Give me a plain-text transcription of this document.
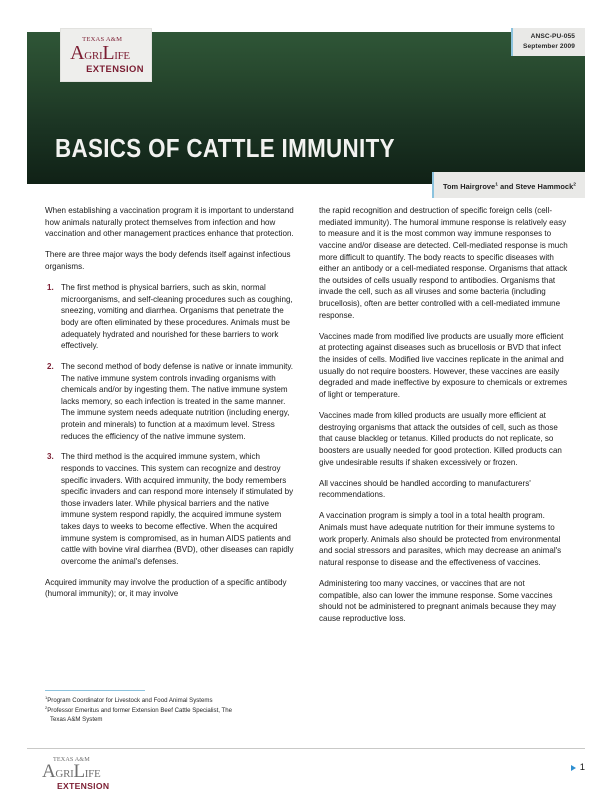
TEXAS A&M
AgriLife
EXTENSION
ANSC-PU-055
September 2009
BASICS OF CATTLE IMMUNITY
Tom Hairgrove$^1$ and Steve Hammock$^2$

When establishing a vaccination program it is important to understand how animals naturally protect themselves from infection and how vaccination and other management practices enhance that protection.

There are three major ways the body defends itself against infectious organisms.

1. The first method is physical barriers, such as skin, normal microorganisms, and self-cleaning procedures such as coughing, sneezing, vomiting and diarrhea. Organisms that penetrate the body are often eliminated by these procedures. Animals must be adequately hydrated and nourished for these barriers to work effectively.
2. The second method of body defense is native or innate immunity. The native immune system controls invading organisms with chemicals and/or by ingesting them. The native immune system lacks memory, so each infection is treated in the same manner. The immune system needs adequate nutrition (including energy, protein and minerals) to function at a maximum level. Stress reduces the efficiency of the native immune system.
3. The third method is the acquired immune system, which responds to vaccines. This system can recognize and destroy specific invaders. With acquired immunity, the body remembers specific invaders and can respond more intensely if stimulated by those invaders later. While physical barriers and the native immune system respond rapidly, the acquired immune system takes days to weeks to become effective. When the acquired immune system is compromised, as in human AIDS patients and cattle with bovine viral diarrhea (BVD), other diseases can rapidly overcome the animal's defenses.

Acquired immunity may involve the production of a specific antibody (humoral immunity); or, it may involve

the rapid recognition and destruction of specific foreign cells (cell-mediated immunity). The humoral immune response is relatively easy to measure and it is the most common way immune responses to vaccine and/or disease are detected. Cell-mediated response is much more difficult to quantify. The body reacts to specific diseases with either an antibody or a cell-mediated response. Organisms that attack the outsides of cells usually respond to antibodies. Organisms that invade the cell, such as all viruses and some bacteria (including brucellosis), often are better controlled with a cell-mediated immune response.

Vaccines made from modified live products are usually more efficient at protecting against diseases such as brucellosis or BVD that infect the insides of cells. Modified live vaccines replicate in the animal and usually do not require boosters. However, these vaccines are easily degraded and made ineffective by exposure to chemicals or extremes of light or temperature.

Vaccines made from killed products are usually more efficient at destroying organisms that attack the outsides of cell, such as those that cause blackleg or tetanus. Killed products do not replicate, so boosters are usually needed for good protection. Killed products can give undesirable results if shaken excessively or frozen.

All vaccines should be handled according to manufacturers' recommendations.

A vaccination program is simply a tool in a total health program. Animals must have adequate nutrition for their immune systems to work properly. Animals also should be protected from environmental and social stressors and parasites, which may decrease an animal's natural response to disease and the effectiveness of vaccines.

Administering too many vaccines, or vaccines that are not compatible, also can lower the immune response. Some vaccines should not be administered to pregnant animals because they may cause reproductive loss.

$^1$Program Coordinator for Livestock and Food Animal Systems

$^2$Professor Emeritus and former Extension Beef Cattle Specialist, The

Texas A&M System

TEXAS A&M
AgriLife
EXTENSION
1
